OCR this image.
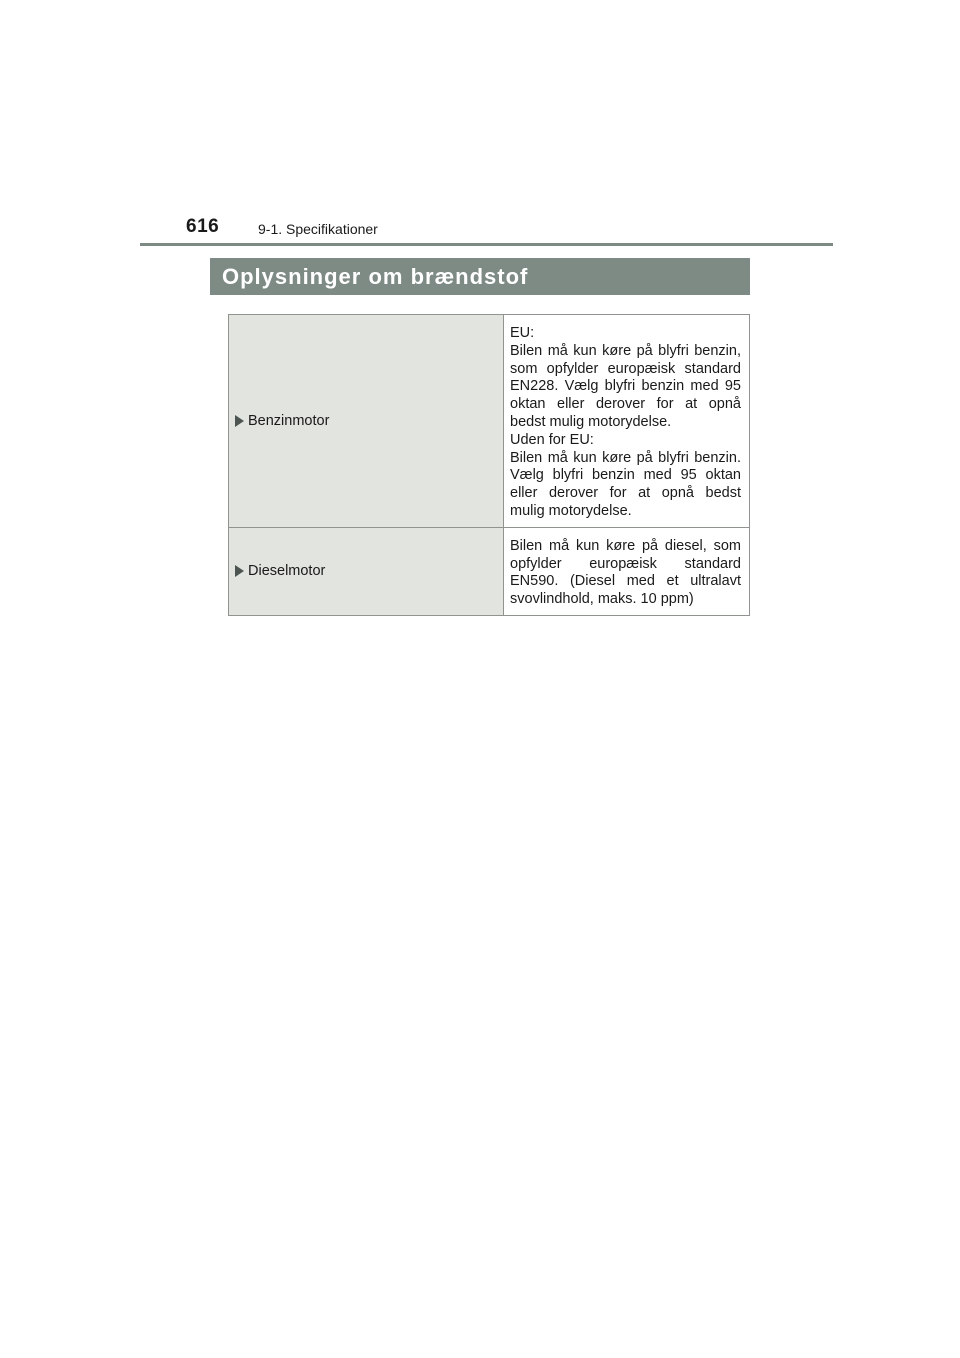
616	9-1. Specifikationer
Oplysninger om brændstof
Benzinmotor	EU:

Bilen må kun køre på blyfri benzin, som opfylder europæisk standard EN228. Vælg blyfri benzin med 95 oktan eller derover for at opnå bedst mulig motorydelse.

Uden for EU:

Bilen må kun køre på blyfri benzin. Vælg blyfri benzin med 95 oktan eller derover for at opnå bedst mulig motorydelse.

Dieselmotor	Bilen må kun køre på diesel, som opfylder europæisk standard EN590. (Diesel med et ultralavt svovlindhold, maks. 10 ppm)
